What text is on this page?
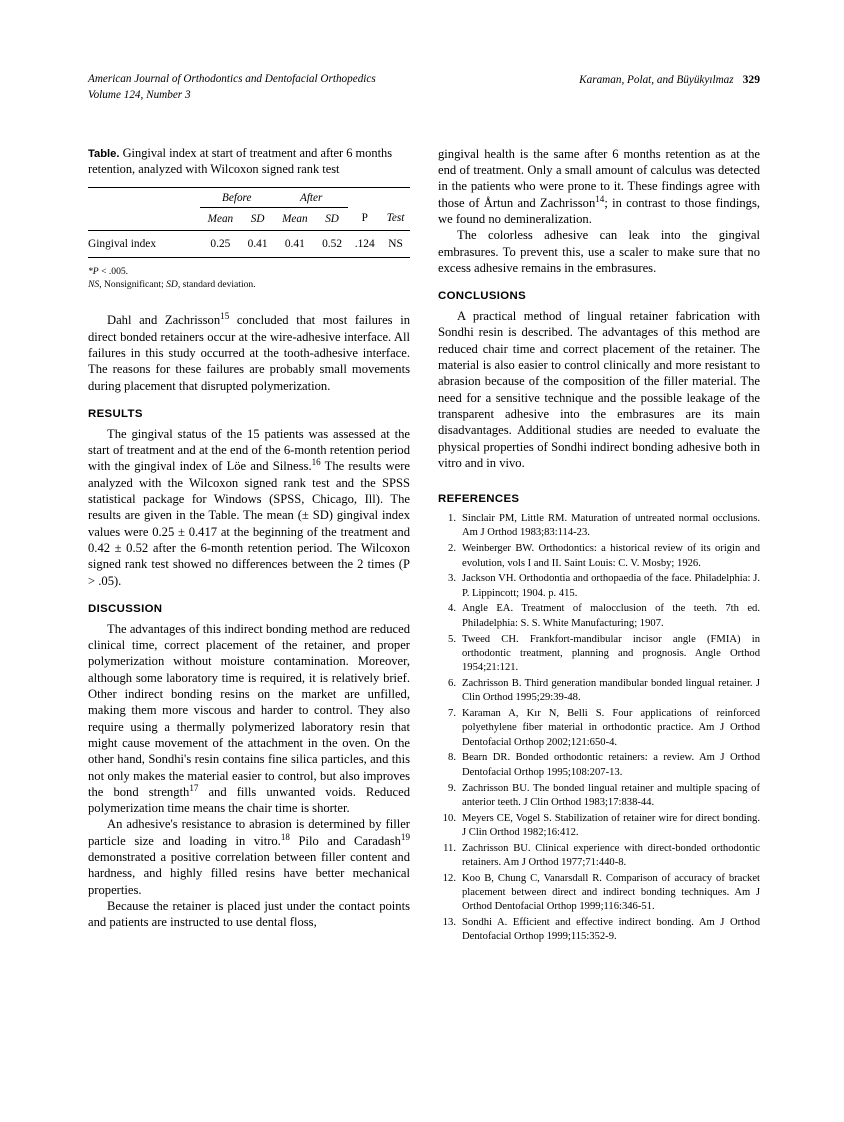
American Journal of Orthodontics and Dentofacial Orthopedics
Volume 124, Number 3
Karaman, Polat, and Büyükyılmaz 329

Table. Gingival index at start of treatment and after 6 months retention, analyzed with Wilcoxon signed rank test

	Before		After			
	Mean	SD	Mean	SD	P	Test
Gingival index	0.25	0.41	0.41	0.52	.124	NS

*P < .005.
NS, Nonsignificant; SD, standard deviation.

Dahl and Zachrisson$^{15}$ concluded that most failures in direct bonded retainers occur at the wire-adhesive interface. All failures in this study occurred at the tooth-adhesive interface. The reasons for these failures are probably small movements during placement that disrupted polymerization.

RESULTS

The gingival status of the 15 patients was assessed at the start of treatment and at the end of the 6-month retention period with the gingival index of Löe and Silness.$^{16}$ The results were analyzed with the Wilcoxon signed rank test and the SPSS statistical package for Windows (SPSS, Chicago, Ill). The results are given in the Table. The mean (± SD) gingival index values were 0.25 ± 0.417 at the beginning of the treatment and 0.42 ± 0.52 after the 6-month retention period. The Wilcoxon signed rank test showed no differences between the 2 times (P > .05).

DISCUSSION

The advantages of this indirect bonding method are reduced clinical time, correct placement of the retainer, and proper polymerization without moisture contamination. Moreover, although some laboratory time is required, it is relatively brief. Other indirect bonding resins on the market are unfilled, making them more viscous and harder to control. They also require using a thermally polymerized laboratory resin that might cause movement of the attachment in the oven. On the other hand, Sondhi's resin contains fine silica particles, and this not only makes the material easier to control, but also improves the bond strength$^{17}$ and fills unwanted voids. Reduced polymerization time means the chair time is shorter.

An adhesive's resistance to abrasion is determined by filler particle size and loading in vitro.$^{18}$ Pilo and Caradash$^{19}$ demonstrated a positive correlation between filler content and hardness, and highly filled resins have better mechanical properties.

Because the retainer is placed just under the contact points and patients are instructed to use dental floss,

gingival health is the same after 6 months retention as at the end of treatment. Only a small amount of calculus was detected in the patients who were prone to it. These findings agree with those of Årtun and Zachrisson$^{14}$; in contrast to those findings, we found no demineralization.

The colorless adhesive can leak into the gingival embrasures. To prevent this, use a scaler to make sure that no excess adhesive remains in the embrasures.

CONCLUSIONS

A practical method of lingual retainer fabrication with Sondhi resin is described. The advantages of this method are reduced chair time and correct placement of the retainer. The material is also easier to control clinically and more resistant to abrasion because of the composition of the filler material. The need for a sensitive technique and the possible leakage of the transparent adhesive into the embrasures are its main disadvantages. Additional studies are needed to evaluate the physical properties of Sondhi indirect bonding adhesive both in vitro and in vivo.

REFERENCES
Sinclair PM, Little RM. Maturation of untreated normal occlusions. Am J Orthod 1983;83:114-23.
Weinberger BW. Orthodontics: a historical review of its origin and evolution, vols I and II. Saint Louis: C. V. Mosby; 1926.
Jackson VH. Orthodontia and orthopaedia of the face. Philadelphia: J. P. Lippincott; 1904. p. 415.
Angle EA. Treatment of malocclusion of the teeth. 7th ed. Philadelphia: S. S. White Manufacturing; 1907.
Tweed CH. Frankfort-mandibular incisor angle (FMIA) in orthodontic treatment, planning and prognosis. Angle Orthod 1954;21:121.
Zachrisson B. Third generation mandibular bonded lingual retainer. J Clin Orthod 1995;29:39-48.
Karaman A, Kır N, Belli S. Four applications of reinforced polyethylene fiber material in orthodontic practice. Am J Orthod Dentofacial Orthop 2002;121:650-4.
Bearn DR. Bonded orthodontic retainers: a review. Am J Orthod Dentofacial Orthop 1995;108:207-13.
Zachrisson BU. The bonded lingual retainer and multiple spacing of anterior teeth. J Clin Orthod 1983;17:838-44.
Meyers CE, Vogel S. Stabilization of retainer wire for direct bonding. J Clin Orthod 1982;16:412.
Zachrisson BU. Clinical experience with direct-bonded orthodontic retainers. Am J Orthod 1977;71:440-8.
Koo B, Chung C, Vanarsdall R. Comparison of accuracy of bracket placement between direct and indirect bonding techniques. Am J Orthod Dentofacial Orthop 1999;116:346-51.
Sondhi A. Efficient and effective indirect bonding. Am J Orthod Dentofacial Orthop 1999;115:352-9.
